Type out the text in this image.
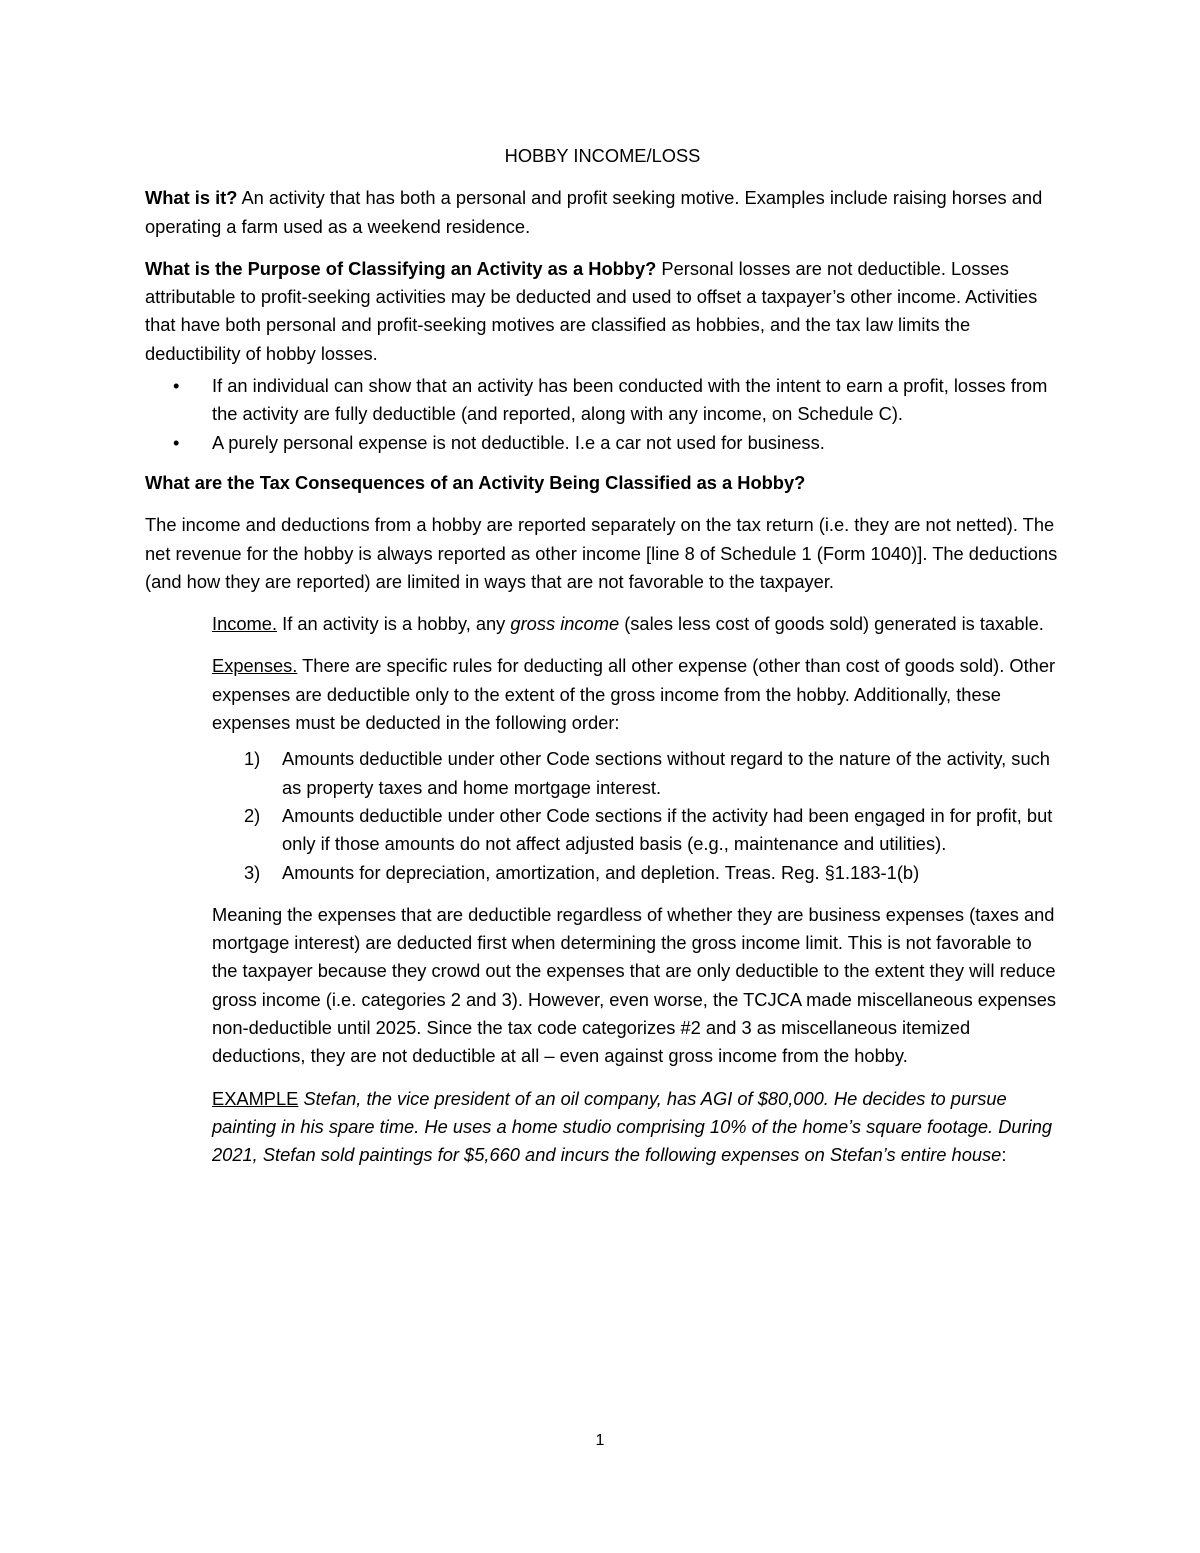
HOBBY INCOME/LOSS

What is it? An activity that has both a personal and profit seeking motive. Examples include raising horses and operating a farm used as a weekend residence.

What is the Purpose of Classifying an Activity as a Hobby? Personal losses are not deductible. Losses attributable to profit-seeking activities may be deducted and used to offset a taxpayer’s other income. Activities that have both personal and profit-seeking motives are classified as hobbies, and the tax law limits the deductibility of hobby losses.

• If an individual can show that an activity has been conducted with the intent to earn a profit, losses from the activity are fully deductible (and reported, along with any income, on Schedule C).
• A purely personal expense is not deductible. I.e a car not used for business.

What are the Tax Consequences of an Activity Being Classified as a Hobby?

The income and deductions from a hobby are reported separately on the tax return (i.e. they are not netted). The net revenue for the hobby is always reported as other income [line 8 of Schedule 1 (Form 1040)]. The deductions (and how they are reported) are limited in ways that are not favorable to the taxpayer.

Income. If an activity is a hobby, any gross income (sales less cost of goods sold) generated is taxable.

Expenses. There are specific rules for deducting all other expense (other than cost of goods sold). Other expenses are deductible only to the extent of the gross income from the hobby. Additionally, these expenses must be deducted in the following order:

1) Amounts deductible under other Code sections without regard to the nature of the activity, such as property taxes and home mortgage interest.
2) Amounts deductible under other Code sections if the activity had been engaged in for profit, but only if those amounts do not affect adjusted basis (e.g., maintenance and utilities).
3) Amounts for depreciation, amortization, and depletion. Treas. Reg. §1.183-1(b)

Meaning the expenses that are deductible regardless of whether they are business expenses (taxes and mortgage interest) are deducted first when determining the gross income limit. This is not favorable to the taxpayer because they crowd out the expenses that are only deductible to the extent they will reduce gross income (i.e. categories 2 and 3). However, even worse, the TCJCA made miscellaneous expenses non-deductible until 2025. Since the tax code categorizes #2 and 3 as miscellaneous itemized deductions, they are not deductible at all – even against gross income from the hobby.

EXAMPLE Stefan, the vice president of an oil company, has AGI of $80,000. He decides to pursue painting in his spare time. He uses a home studio comprising 10% of the home’s square footage. During 2021, Stefan sold paintings for $5,660 and incurs the following expenses on Stefan’s entire house:

1
